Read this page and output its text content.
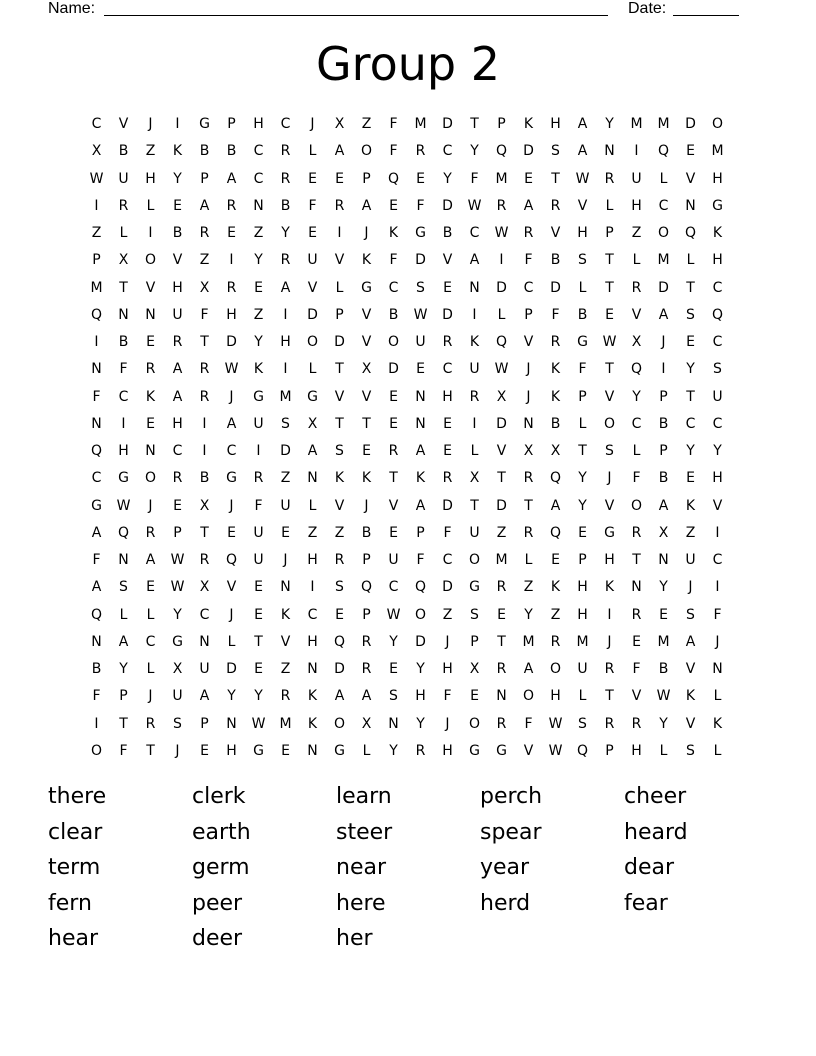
Name:	Date:
Group 2
C	V	J	I	G	P	H	C	J	X	Z	F	M	D	T	P	K	H	A	Y	M	M	D	O
X	B	Z	K	B	B	C	R	L	A	O	F	R	C	Y	Q	D	S	A	N	I	Q	E	M
W	U	H	Y	P	A	C	R	E	E	P	Q	E	Y	F	M	E	T	W	R	U	L	V	H
I	R	L	E	A	R	N	B	F	R	A	E	F	D	W	R	A	R	V	L	H	C	N	G
Z	L	I	B	R	E	Z	Y	E	I	J	K	G	B	C	W	R	V	H	P	Z	O	Q	K
P	X	O	V	Z	I	Y	R	U	V	K	F	D	V	A	I	F	B	S	T	L	M	L	H
M	T	V	H	X	R	E	A	V	L	G	C	S	E	N	D	C	D	L	T	R	D	T	C
Q	N	N	U	F	H	Z	I	D	P	V	B	W	D	I	L	P	F	B	E	V	A	S	Q
I	B	E	R	T	D	Y	H	O	D	V	O	U	R	K	Q	V	R	G	W	X	J	E	C
N	F	R	A	R	W	K	I	L	T	X	D	E	C	U	W	J	K	F	T	Q	I	Y	S
F	C	K	A	R	J	G	M	G	V	V	E	N	H	R	X	J	K	P	V	Y	P	T	U
N	I	E	H	I	A	U	S	X	T	T	E	N	E	I	D	N	B	L	O	C	B	C	C
Q	H	N	C	I	C	I	D	A	S	E	R	A	E	L	V	X	X	T	S	L	P	Y	Y
C	G	O	R	B	G	R	Z	N	K	K	T	K	R	X	T	R	Q	Y	J	F	B	E	H
G	W	J	E	X	J	F	U	L	V	J	V	A	D	T	D	T	A	Y	V	O	A	K	V
A	Q	R	P	T	E	U	E	Z	Z	B	E	P	F	U	Z	R	Q	E	G	R	X	Z	I
F	N	A	W	R	Q	U	J	H	R	P	U	F	C	O	M	L	E	P	H	T	N	U	C
A	S	E	W	X	V	E	N	I	S	Q	C	Q	D	G	R	Z	K	H	K	N	Y	J	I
Q	L	L	Y	C	J	E	K	C	E	P	W	O	Z	S	E	Y	Z	H	I	R	E	S	F
N	A	C	G	N	L	T	V	H	Q	R	Y	D	J	P	T	M	R	M	J	E	M	A	J
B	Y	L	X	U	D	E	Z	N	D	R	E	Y	H	X	R	A	O	U	R	F	B	V	N
F	P	J	U	A	Y	Y	R	K	A	A	S	H	F	E	N	O	H	L	T	V	W	K	L
I	T	R	S	P	N	W	M	K	O	X	N	Y	J	O	R	F	W	S	R	R	Y	V	K
O	F	T	J	E	H	G	E	N	G	L	Y	R	H	G	G	V	W	Q	P	H	L	S	L
there	clerk	learn	perch	cheer
clear	earth	steer	spear	heard
term	germ	near	year	dear
fern	peer	here	herd	fear
hear	deer	her
